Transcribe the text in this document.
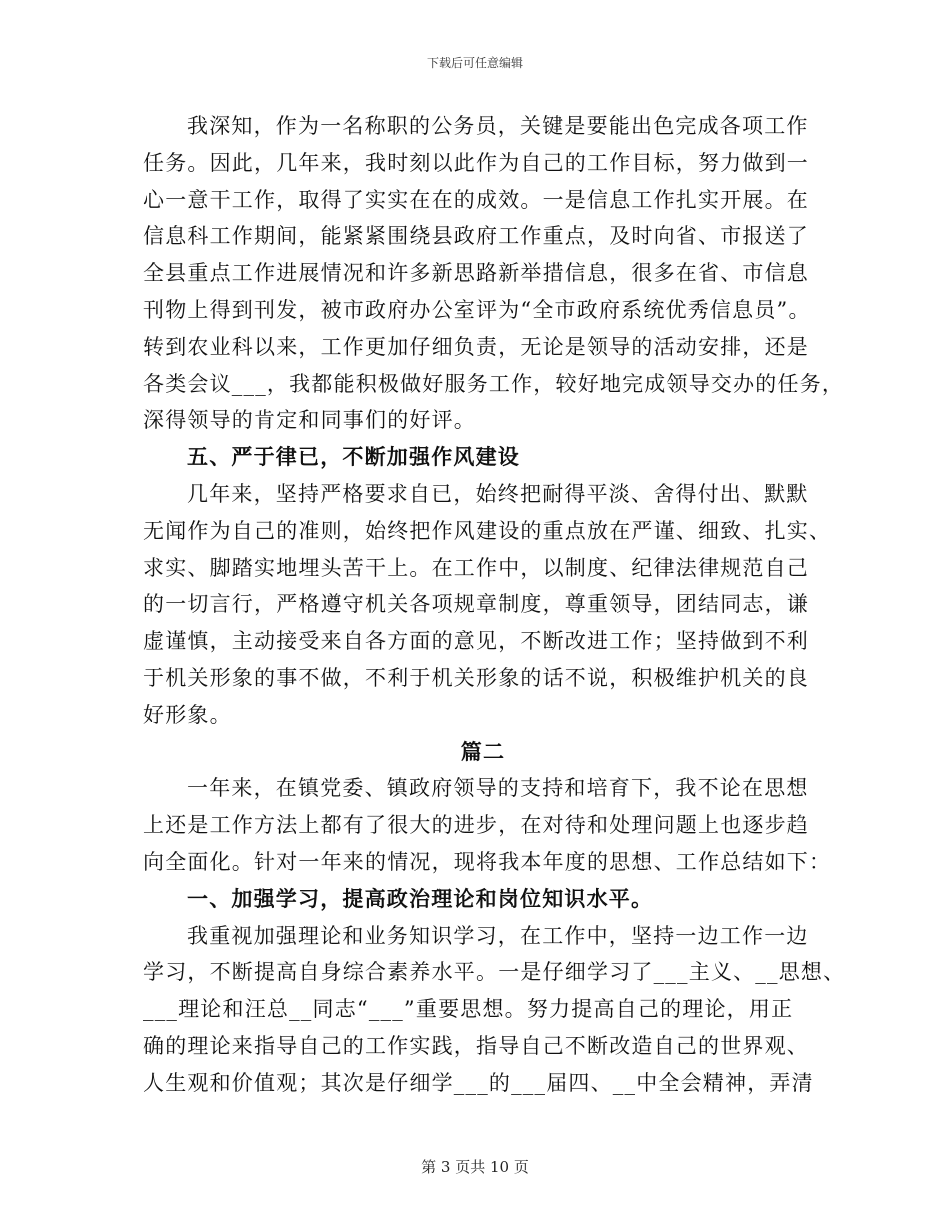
下载后可任意编辑
我深知，作为一名称职的公务员，关键是要能出色完成各项工作
任务。因此，几年来，我时刻以此作为自己的工作目标，努力做到一
心一意干工作，取得了实实在在的成效。一是信息工作扎实开展。在
信息科工作期间，能紧紧围绕县政府工作重点，及时向省、市报送了
全县重点工作进展情况和许多新思路新举措信息，很多在省、市信息
刊物上得到刊发，被市政府办公室评为“全市政府系统优秀信息员”。
转到农业科以来，工作更加仔细负责，无论是领导的活动安排，还是
各类会议___，我都能积极做好服务工作，较好地完成领导交办的任务，
深得领导的肯定和同事们的好评。
五、严于律已，不断加强作风建设
几年来，坚持严格要求自已，始终把耐得平淡、舍得付出、默默
无闻作为自己的准则，始终把作风建设的重点放在严谨、细致、扎实、
求实、脚踏实地埋头苦干上。在工作中，以制度、纪律法律规范自己
的一切言行，严格遵守机关各项规章制度，尊重领导，团结同志，谦
虚谨慎，主动接受来自各方面的意见，不断改进工作；坚持做到不利
于机关形象的事不做，不利于机关形象的话不说，积极维护机关的良
好形象。
篇二
一年来，在镇党委、镇政府领导的支持和培育下，我不论在思想
上还是工作方法上都有了很大的进步，在对待和处理问题上也逐步趋
向全面化。针对一年来的情况，现将我本年度的思想、工作总结如下：
一、加强学习，提高政治理论和岗位知识水平。
我重视加强理论和业务知识学习，在工作中，坚持一边工作一边
学习，不断提高自身综合素养水平。一是仔细学习了___主义、__思想、
___理论和汪总__同志“___”重要思想。努力提高自己的理论，用正
确的理论来指导自己的工作实践，指导自己不断改造自己的世界观、
人生观和价值观；其次是仔细学___的___届四、__中全会精神，弄清
第 3 页共 10 页
